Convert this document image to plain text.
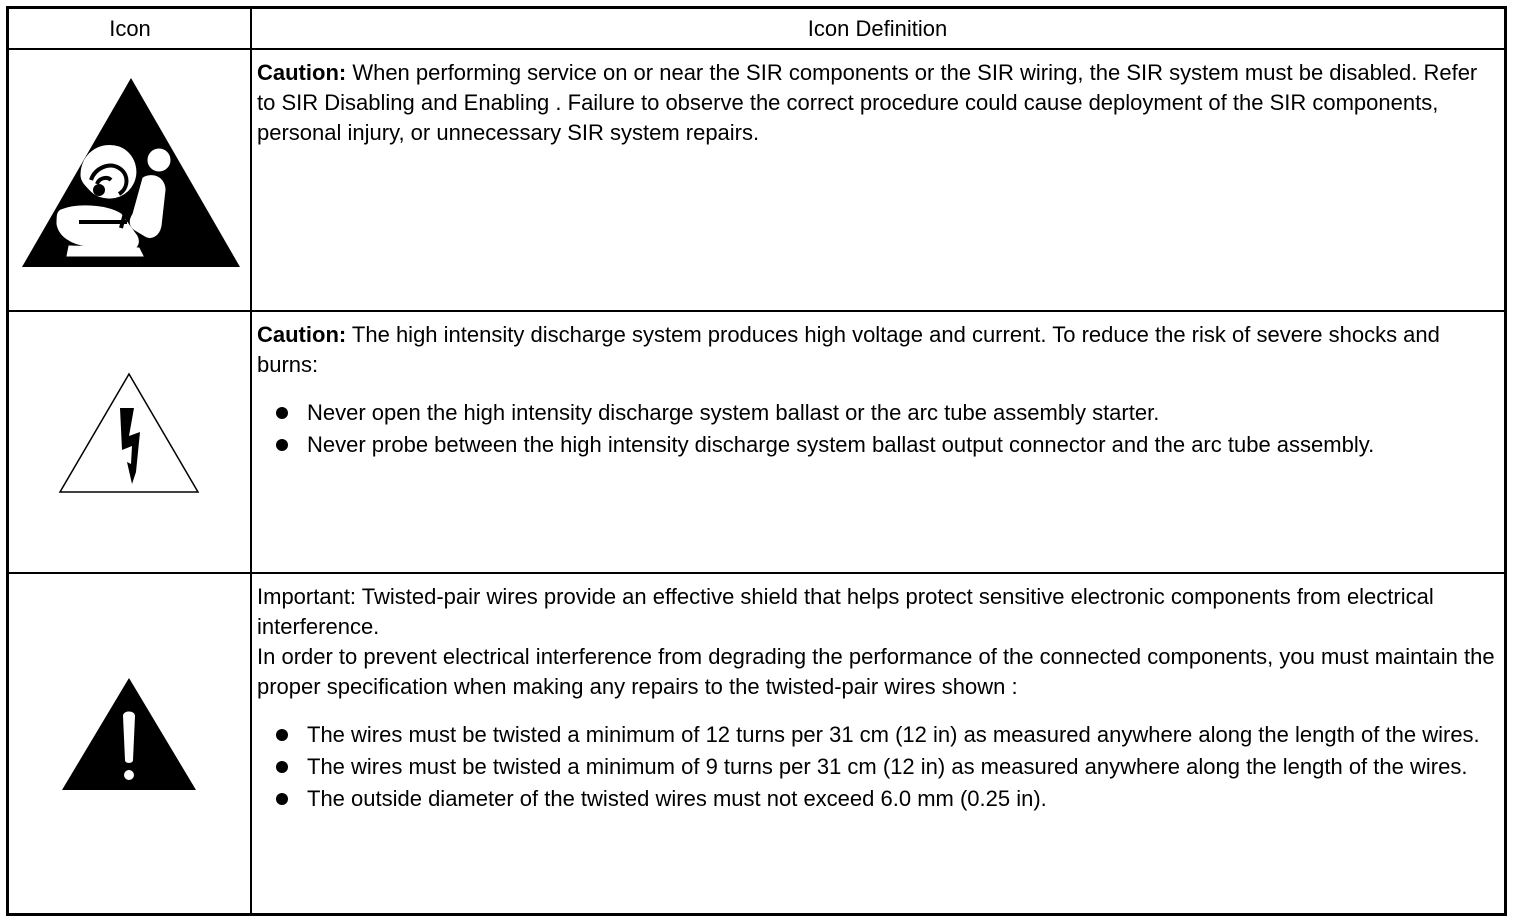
Icon	Icon Definition

Caution: When performing service on or near the SIR components or the SIR wiring, the SIR system must be disabled. Refer to SIR Disabling and Enabling . Failure to observe the correct procedure could cause deployment of the SIR components, personal injury, or unnecessary SIR system repairs.

Caution: The high intensity discharge system produces high voltage and current. To reduce the risk of severe shocks and burns:

Never open the high intensity discharge system ballast or the arc tube assembly starter.
Never probe between the high intensity discharge system ballast output connector and the arc tube assembly.

Important: Twisted-pair wires provide an effective shield that helps protect sensitive electronic components from electrical interference.

In order to prevent electrical interference from degrading the performance of the connected components, you must maintain the proper specification when making any repairs to the twisted-pair wires shown :

The wires must be twisted a minimum of 12 turns per 31 cm (12 in) as measured anywhere along the length of the wires.
The wires must be twisted a minimum of 9 turns per 31 cm (12 in) as measured anywhere along the length of the wires.
The outside diameter of the twisted wires must not exceed 6.0 mm (0.25 in).
